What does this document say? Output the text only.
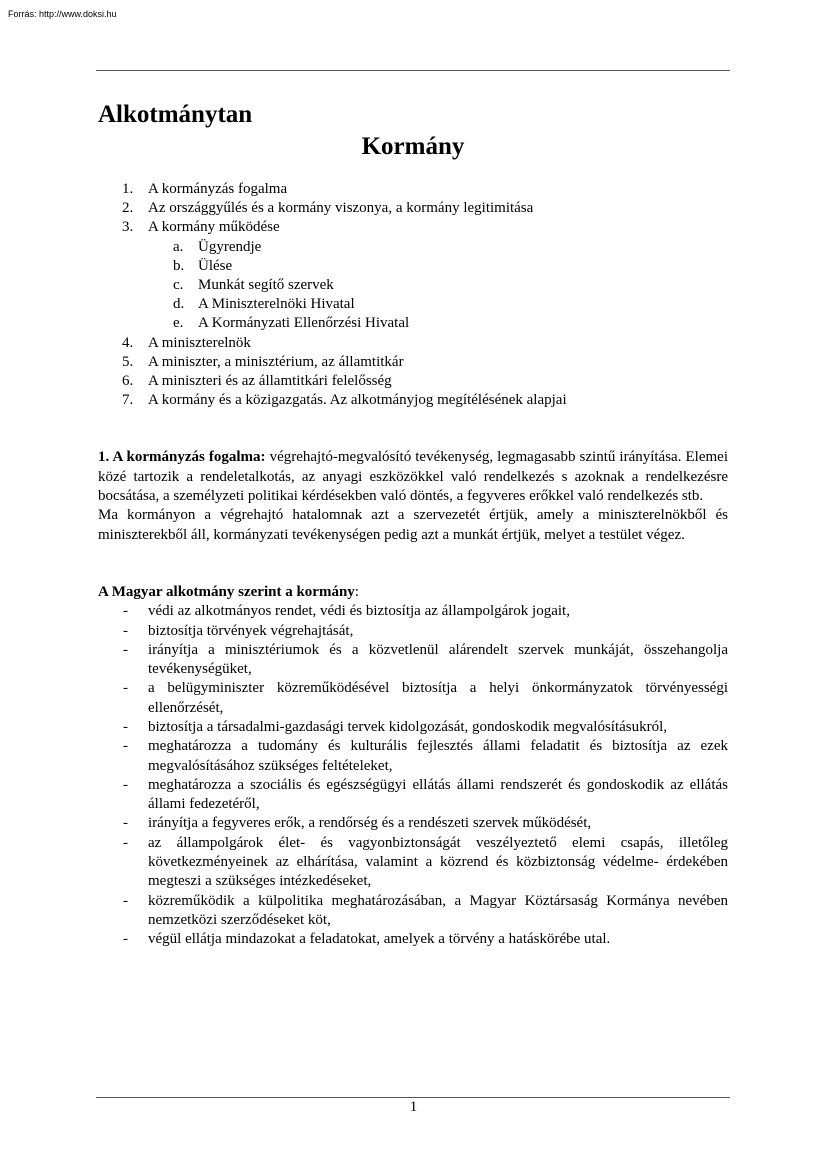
Forrás: http://www.doksi.hu
Alkotmánytan
Kormány
1. A kormányzás fogalma
2. Az országgyűlés és a kormány viszonya, a kormány legitimitása
3. A kormány működése
a. Ügyrendje
b. Ülése
c. Munkát segítő szervek
d. A Miniszterelnöki Hivatal
e. A Kormányzati Ellenőrzési Hivatal
4. A miniszterelnök
5. A miniszter, a minisztérium, az államtitkár
6. A miniszteri és az államtitkári felelősség
7. A kormány és a közigazgatás. Az alkotmányjog megítélésének alapjai

1. A kormányzás fogalma: végrehajtó-megvalósító tevékenység, legmagasabb szintű irányítása. Elemei közé tartozik a rendeletalkotás, az anyagi eszközökkel való rendelkezés s azoknak a rendelkezésre bocsátása, a személyzeti politikai kérdésekben való döntés, a fegyveres erőkkel való rendelkezés stb.

Ma kormányon a végrehajtó hatalomnak azt a szervezetét értjük, amely a miniszterelnökből és miniszterekből áll, kormányzati tevékenységen pedig azt a munkát értjük, melyet a testület végez.

A Magyar alkotmány szerint a kormány:
- védi az alkotmányos rendet, védi és biztosítja az állampolgárok jogait,
- biztosítja törvények végrehajtását,
- irányítja a minisztériumok és a közvetlenül alárendelt szervek munkáját, összehangolja tevékenységüket,
- a belügyminiszter közreműködésével biztosítja a helyi önkormányzatok törvényességi ellenőrzését,
- biztosítja a társadalmi-gazdasági tervek kidolgozását, gondoskodik megvalósításukról,
- meghatározza a tudomány és kulturális fejlesztés állami feladatit és biztosítja az ezek megvalósításához szükséges feltételeket,
- meghatározza a szociális és egészségügyi ellátás állami rendszerét és gondoskodik az ellátás állami fedezetéről,
- irányítja a fegyveres erők, a rendőrség és a rendészeti szervek működését,
- az állampolgárok élet- és vagyonbiztonságát veszélyeztető elemi csapás, illetőleg következményeinek az elhárítása, valamint a közrend és közbiztonság védelme- érdekében megteszi a szükséges intézkedéseket,
- közreműködik a külpolitika meghatározásában, a Magyar Köztársaság Kormánya nevében nemzetközi szerződéseket köt,
- végül ellátja mindazokat a feladatokat, amelyek a törvény a hatáskörébe utal.
1
